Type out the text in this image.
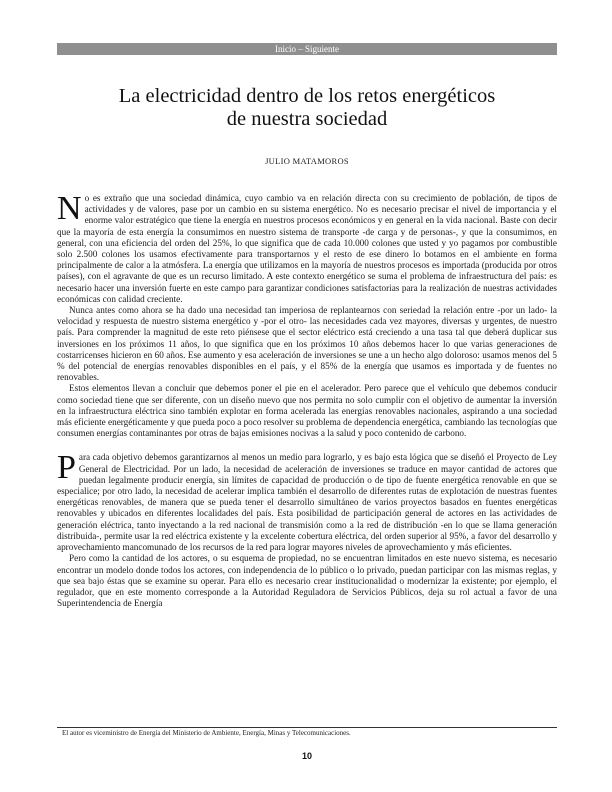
Inicio – Siguiente
La electricidad dentro de los retos energéticos
de nuestra sociedad
JULIO MATAMOROS

No es extraño que una sociedad dinámica, cuyo cambio va en relación directa con su crecimiento de población, de tipos de actividades y de valores, pase por un cambio en su sistema energético. No es necesario precisar el nivel de importancia y el enorme valor estratégico que tiene la energía en nuestros procesos económicos y en general en la vida nacional. Baste con decir que la mayoría de esta energía la consumimos en nuestro sistema de transporte -de carga y de personas-, y que la consumimos, en general, con una eficiencia del orden del 25%, lo que significa que de cada 10.000 colones que usted y yo pagamos por combustible solo 2.500 colones los usamos efectivamente para transportarnos y el resto de ese dinero lo botamos en el ambiente en forma principalmente de calor a la atmósfera. La energía que utilizamos en la mayoría de nuestros procesos es importada (producida por otros países), con el agravante de que es un recurso limitado. A este contexto energético se suma el problema de infraestructura del país: es necesario hacer una inversión fuerte en este campo para garantizar condiciones satisfactorias para la realización de nuestras actividades económicas con calidad creciente.

Nunca antes como ahora se ha dado una necesidad tan imperiosa de replantearnos con seriedad la relación entre -por un lado- la velocidad y respuesta de nuestro sistema energético y -por el otro- las necesidades cada vez mayores, diversas y urgentes, de nuestro país. Para comprender la magnitud de este reto piénsese que el sector eléctrico está creciendo a una tasa tal que deberá duplicar sus inversiones en los próximos 11 años, lo que significa que en los próximos 10 años debemos hacer lo que varias generaciones de costarricenses hicieron en 60 años. Ese aumento y esa aceleración de inversiones se une a un hecho algo doloroso: usamos menos del 5 % del potencial de energías renovables disponibles en el país, y el 85% de la energía que usamos es importada y de fuentes no renovables.

Estos elementos llevan a concluir que debemos poner el pie en el acelerador. Pero parece que el vehículo que debemos conducir como sociedad tiene que ser diferente, con un diseño nuevo que nos permita no solo cumplir con el objetivo de aumentar la inversión en la infraestructura eléctrica sino también explotar en forma acelerada las energías renovables nacionales, aspirando a una sociedad más eficiente energéticamente y que pueda poco a poco resolver su problema de dependencia energética, cambiando las tecnologías que consumen energías contaminantes por otras de bajas emisiones nocivas a la salud y poco contenido de carbono.

Para cada objetivo debemos garantizarnos al menos un medio para lograrlo, y es bajo esta lógica que se diseñó el Proyecto de Ley General de Electricidad. Por un lado, la necesidad de aceleración de inversiones se traduce en mayor cantidad de actores que puedan legalmente producir energía, sin límites de capacidad de producción o de tipo de fuente energética renovable en que se especialice; por otro lado, la necesidad de acelerar implica también el desarrollo de diferentes rutas de explotación de nuestras fuentes energéticas renovables, de manera que se pueda tener el desarrollo simultáneo de varios proyectos basados en fuentes energéticas renovables y ubicados en diferentes localidades del país. Esta posibilidad de participación general de actores en las actividades de generación eléctrica, tanto inyectando a la red nacional de transmisión como a la red de distribución -en lo que se llama generación distribuida-, permite usar la red eléctrica existente y la excelente cobertura eléctrica, del orden superior al 95%, a favor del desarrollo y aprovechamiento mancomunado de los recursos de la red para lograr mayores niveles de aprovechamiento y más eficientes.

Pero como la cantidad de los actores, o su esquema de propiedad, no se encuentran limitados en este nuevo sistema, es necesario encontrar un modelo donde todos los actores, con independencia de lo público o lo privado, puedan participar con las mismas reglas, y que sea bajo éstas que se examine su operar. Para ello es necesario crear institucionalidad o modernizar la existente; por ejemplo, el regulador, que en este momento corresponde a la Autoridad Reguladora de Servicios Públicos, deja su rol actual a favor de una Superintendencia de Energía

El autor es viceministro de Energía del Ministerio de Ambiente, Energía, Minas y Telecomunicaciones.
10
